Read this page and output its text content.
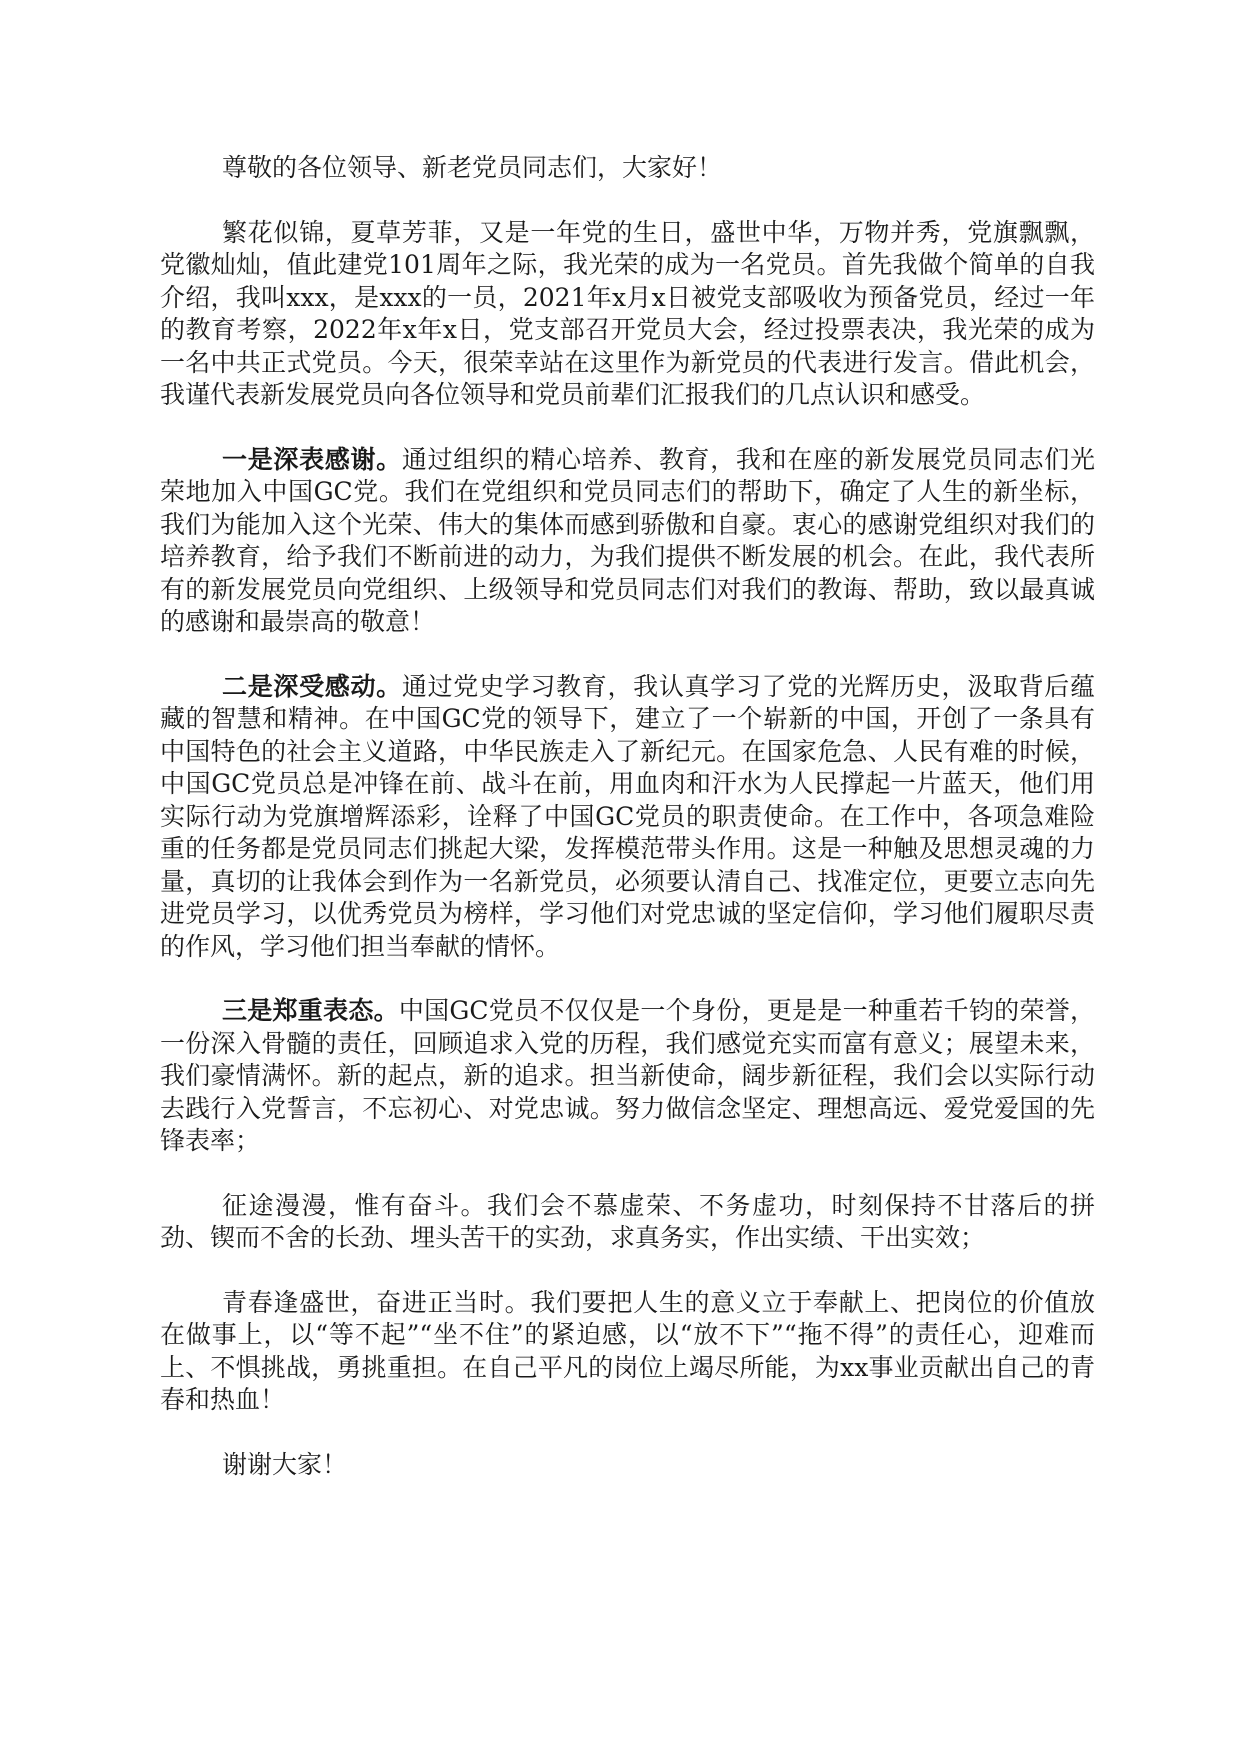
尊敬的各位领导、新老党员同志们，大家好！

繁花似锦，夏草芳菲，又是一年党的生日，盛世中华，万物并秀，党旗飘飘，党徽灿灿，值此建党101周年之际，我光荣的成为一名党员。首先我做个简单的自我介绍，我叫xxx，是xxx的一员，2021年x月x日被党支部吸收为预备党员，经过一年的教育考察，2022年x年x日，党支部召开党员大会，经过投票表决，我光荣的成为一名中共正式党员。今天，很荣幸站在这里作为新党员的代表进行发言。借此机会，我谨代表新发展党员向各位领导和党员前辈们汇报我们的几点认识和感受。

一是深表感谢。通过组织的精心培养、教育，我和在座的新发展党员同志们光荣地加入中国GC党。我们在党组织和党员同志们的帮助下，确定了人生的新坐标，我们为能加入这个光荣、伟大的集体而感到骄傲和自豪。衷心的感谢党组织对我们的培养教育，给予我们不断前进的动力，为我们提供不断发展的机会。在此，我代表所有的新发展党员向党组织、上级领导和党员同志们对我们的教诲、帮助，致以最真诚的感谢和最崇高的敬意！

二是深受感动。通过党史学习教育，我认真学习了党的光辉历史，汲取背后蕴藏的智慧和精神。在中国GC党的领导下，建立了一个崭新的中国，开创了一条具有中国特色的社会主义道路，中华民族走入了新纪元。在国家危急、人民有难的时候，中国GC党员总是冲锋在前、战斗在前，用血肉和汗水为人民撑起一片蓝天，他们用实际行动为党旗增辉添彩，诠释了中国GC党员的职责使命。在工作中，各项急难险重的任务都是党员同志们挑起大梁，发挥模范带头作用。这是一种触及思想灵魂的力量，真切的让我体会到作为一名新党员，必须要认清自己、找准定位，更要立志向先进党员学习，以优秀党员为榜样，学习他们对党忠诚的坚定信仰，学习他们履职尽责的作风，学习他们担当奉献的情怀。

三是郑重表态。中国GC党员不仅仅是一个身份，更是是一种重若千钧的荣誉，一份深入骨髓的责任，回顾追求入党的历程，我们感觉充实而富有意义；展望未来，我们豪情满怀。新的起点，新的追求。担当新使命，阔步新征程，我们会以实际行动去践行入党誓言，不忘初心、对党忠诚。努力做信念坚定、理想高远、爱党爱国的先锋表率；

征途漫漫，惟有奋斗。我们会不慕虚荣、不务虚功，时刻保持不甘落后的拼劲、锲而不舍的长劲、埋头苦干的实劲，求真务实，作出实绩、干出实效；

青春逢盛世，奋进正当时。我们要把人生的意义立于奉献上、把岗位的价值放在做事上，以“等不起”“坐不住”的紧迫感，以“放不下”“拖不得”的责任心，迎难而上、不惧挑战，勇挑重担。在自己平凡的岗位上竭尽所能，为xx事业贡献出自己的青春和热血！

谢谢大家！
